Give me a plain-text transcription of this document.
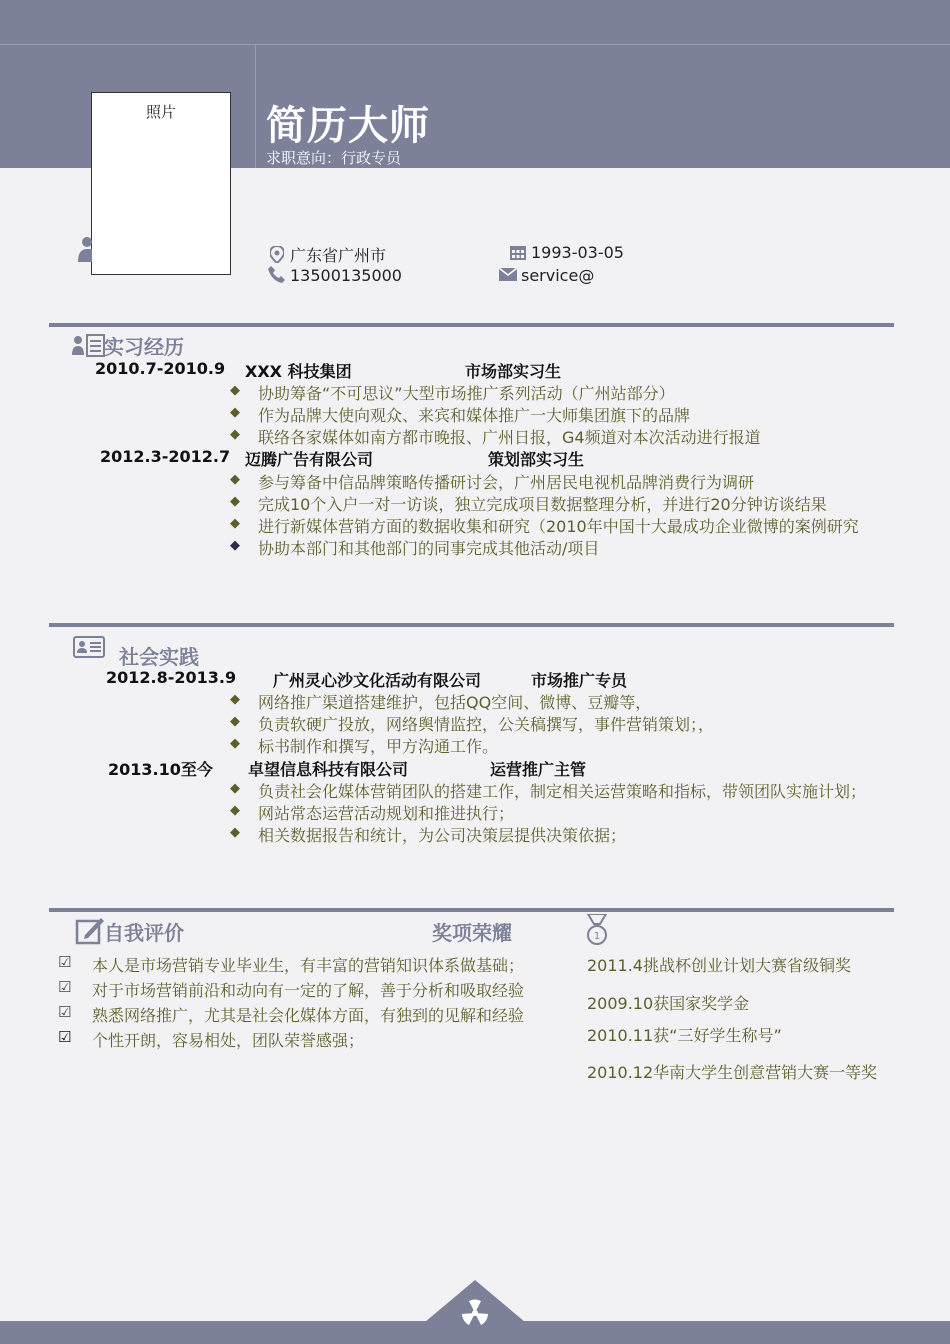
照片	简历大师
求职意向：行政专员
广东省广州市	1993-03-05
13500135000	service@
实习经历
2010.7-2010.9 XXX 科技集团	市场部实习生
◆	协助筹备“不可思议”大型市场推广系列活动（广州站部分）
◆	作为品牌大使向观众、来宾和媒体推广一大师集团旗下的品牌
◆	联络各家媒体如南方都市晚报、广州日报，G4频道对本次活动进行报道
2012.3-2012.7 迈腾广告有限公司	策划部实习生
◆	参与筹备中信品牌策略传播研讨会，广州居民电视机品牌消费行为调研
◆	完成10个入户一对一访谈，独立完成项目数据整理分析，并进行20分钟访谈结果
◆	进行新媒体营销方面的数据收集和研究（2010年中国十大最成功企业微博的案例研究
◆	协助本部门和其他部门的同事完成其他活动/项目
社会实践
2012.8-2013.9 广州灵心沙文化活动有限公司	市场推广专员
◆	网络推广渠道搭建维护，包括QQ空间、微博、豆瓣等，
◆	负责软硬广投放，网络舆情监控，公关稿撰写，事件营销策划；，
◆	标书制作和撰写，甲方沟通工作。
2013.10至今 卓望信息科技有限公司	运营推广主管
◆	负责社会化媒体营销团队的搭建工作，制定相关运营策略和指标，带领团队实施计划；
◆	网站常态运营活动规划和推进执行；
◆	相关数据报告和统计，为公司决策层提供决策依据；
自我评价	奖项荣耀	1
☑	本人是市场营销专业毕业生，有丰富的营销知识体系做基础；
☑	对于市场营销前沿和动向有一定的了解，善于分析和吸取经验
☑	熟悉网络推广，尤其是社会化媒体方面，有独到的见解和经验
☑	个性开朗，容易相处，团队荣誉感强；
2011.4挑战杯创业计划大赛省级铜奖
2009.10获国家奖学金
2010.11获“三好学生称号”
2010.12华南大学生创意营销大赛一等奖
